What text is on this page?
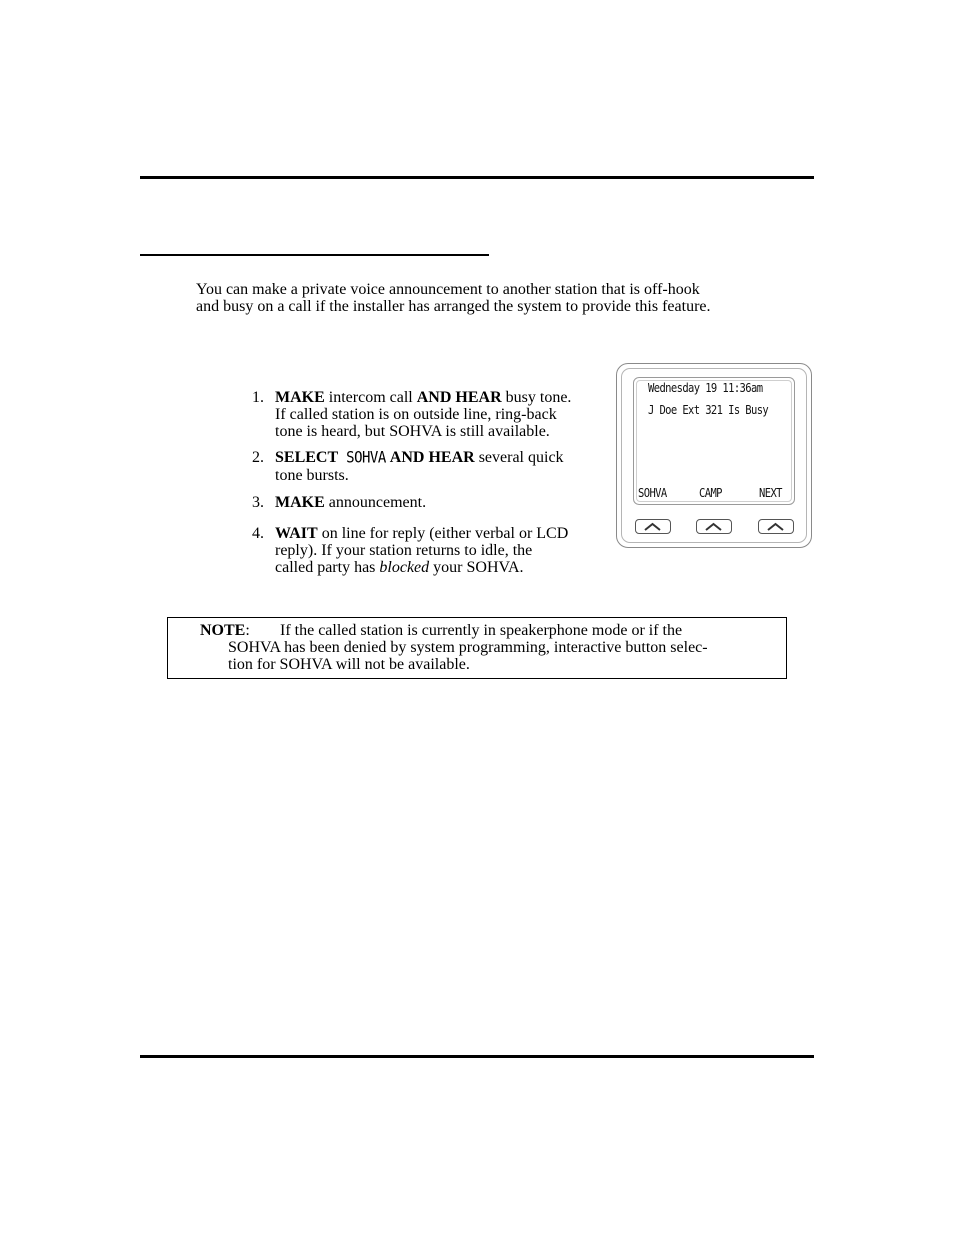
You can make a private voice announcement to another station that is off-hook
and busy on a call if the installer has arranged the system to provide this feature.
1. MAKE intercom call AND HEAR busy tone.
If called station is on outside line, ring-back
tone is heard, but SOHVA is still available.
2. SELECT SOHVA AND HEAR several quick
tone bursts.
3. MAKE announcement.
4. WAIT on line for reply (either verbal or LCD
reply). If your station returns to idle, the
called party has blocked your SOHVA.
Wednesday 19 11:36am
J Doe Ext 321 Is Busy
SOHVA	CAMP	NEXT
NOTE: If the called station is currently in speakerphone mode or if the
SOHVA has been denied by system programming, interactive button selec-
tion for SOHVA will not be available.
